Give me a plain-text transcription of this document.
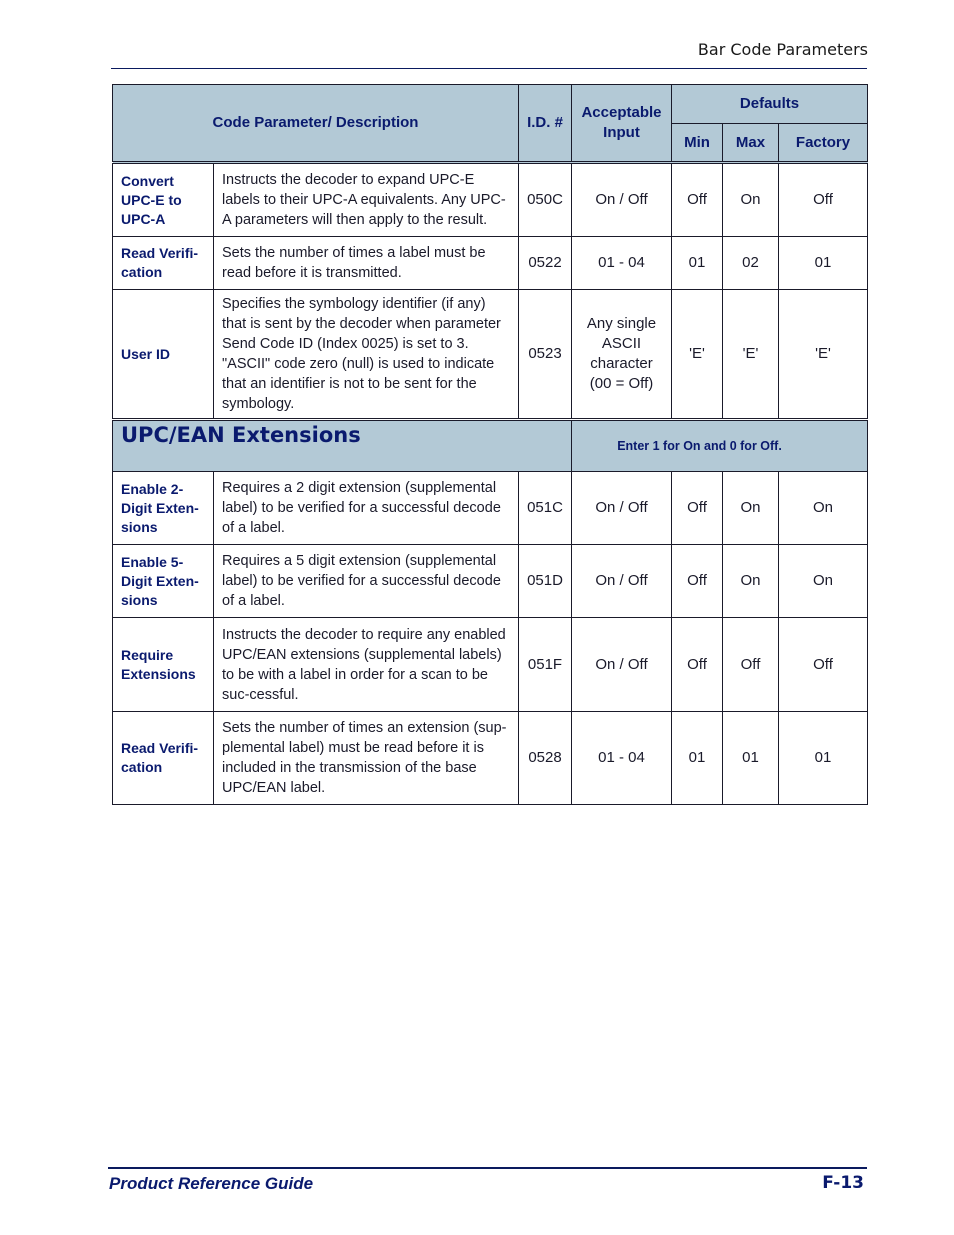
Bar Code Parameters
Code Parameter/ Description		I.D. #	Acceptable Input	Defaults		
				Min	Max	Factory
Convert UPC-E to UPC-A	Instructs the decoder to expand UPC-E labels to their UPC-A equivalents. Any UPC-A parameters will then apply to the result.	050C	On / Off	Off	On	Off
Read Verifi-cation	Sets the number of times a label must be read before it is transmitted.	0522	01 - 04	01	02	01
User ID	Specifies the symbology identifier (if any) that is sent by the decoder when parameter Send Code ID (Index 0025) is set to 3. "ASCII" code zero (null) is used to indicate that an identifier is not to be sent for the symbology.	0523	Any single ASCII character (00 = Off)	'E'	'E'	'E'
UPC/EAN Extensions			Enter 1 for On and 0 for Off.			
Enable 2-Digit Exten-sions	Requires a 2 digit extension (supplemental label) to be verified for a successful decode of a label.	051C	On / Off	Off	On	On
Enable 5-Digit Exten-sions	Requires a 5 digit extension (supplemental label) to be verified for a successful decode of a label.	051D	On / Off	Off	On	On
Require Extensions	Instructs the decoder to require any enabled UPC/EAN extensions (supplemental labels) to be with a label in order for a scan to be suc-cessful.	051F	On / Off	Off	Off	Off
Read Verifi-cation	Sets the number of times an extension (sup-plemental label) must be read before it is included in the transmission of the base UPC/EAN label.	0528	01 - 04	01	01	01
Product Reference Guide	F-13
